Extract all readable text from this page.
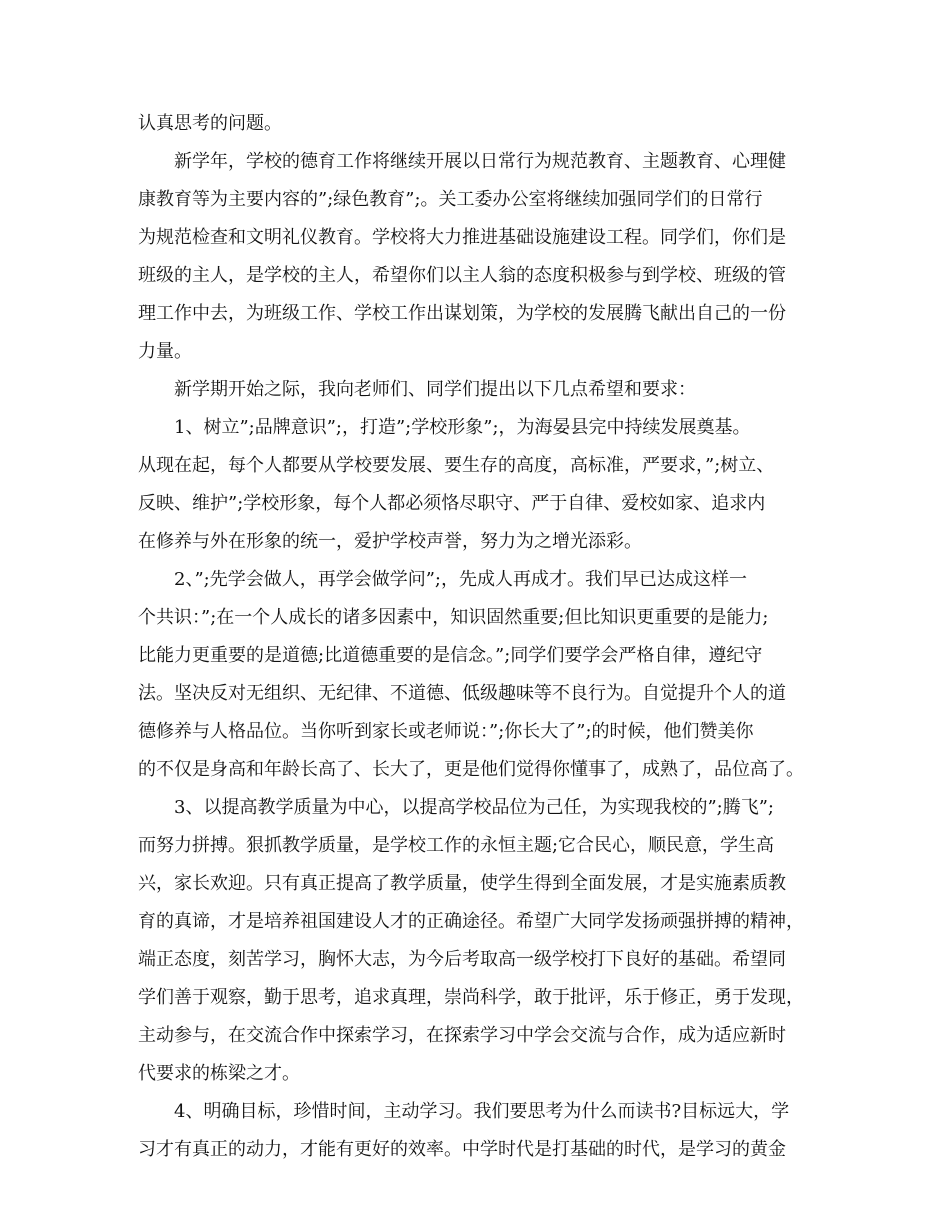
认真思考的问题。
新学年，学校的德育工作将继续开展以日常行为规范教育、主题教育、心理健
康教育等为主要内容的”;绿色教育”;。关工委办公室将继续加强同学们的日常行
为规范检查和文明礼仪教育。学校将大力推进基础设施建设工程。同学们，你们是
班级的主人，是学校的主人，希望你们以主人翁的态度积极参与到学校、班级的管
理工作中去，为班级工作、学校工作出谋划策，为学校的发展腾飞献出自己的一份
力量。
新学期开始之际，我向老师们、同学们提出以下几点希望和要求：
1、树立”;品牌意识”;，打造”;学校形象”;，为海晏县完中持续发展奠基。
从现在起，每个人都要从学校要发展、要生存的高度，高标准，严要求，”;树立、
反映、维护”;学校形象，每个人都必须恪尽职守、严于自律、爱校如家、追求内
在修养与外在形象的统一，爱护学校声誉，努力为之增光添彩。
2、”;先学会做人，再学会做学问”;，先成人再成才。我们早已达成这样一
个共识：”;在一个人成长的诸多因素中，知识固然重要;但比知识更重要的是能力;
比能力更重要的是道德;比道德重要的是信念。”;同学们要学会严格自律，遵纪守
法。坚决反对无组织、无纪律、不道德、低级趣味等不良行为。自觉提升个人的道
德修养与人格品位。当你听到家长或老师说：”;你长大了”;的时候，他们赞美你
的不仅是身高和年龄长高了、长大了，更是他们觉得你懂事了，成熟了，品位高了。
3、以提高教学质量为中心，以提高学校品位为己任，为实现我校的”;腾飞”;
而努力拼搏。狠抓教学质量，是学校工作的永恒主题;它合民心，顺民意，学生高
兴，家长欢迎。只有真正提高了教学质量，使学生得到全面发展，才是实施素质教
育的真谛，才是培养祖国建设人才的正确途径。希望广大同学发扬顽强拼搏的精神，
端正态度，刻苦学习，胸怀大志，为今后考取高一级学校打下良好的基础。希望同
学们善于观察，勤于思考，追求真理，崇尚科学，敢于批评，乐于修正，勇于发现，
主动参与，在交流合作中探索学习，在探索学习中学会交流与合作，成为适应新时
代要求的栋梁之才。
4、明确目标，珍惜时间，主动学习。我们要思考为什么而读书?目标远大，学
习才有真正的动力，才能有更好的效率。中学时代是打基础的时代，是学习的黄金
